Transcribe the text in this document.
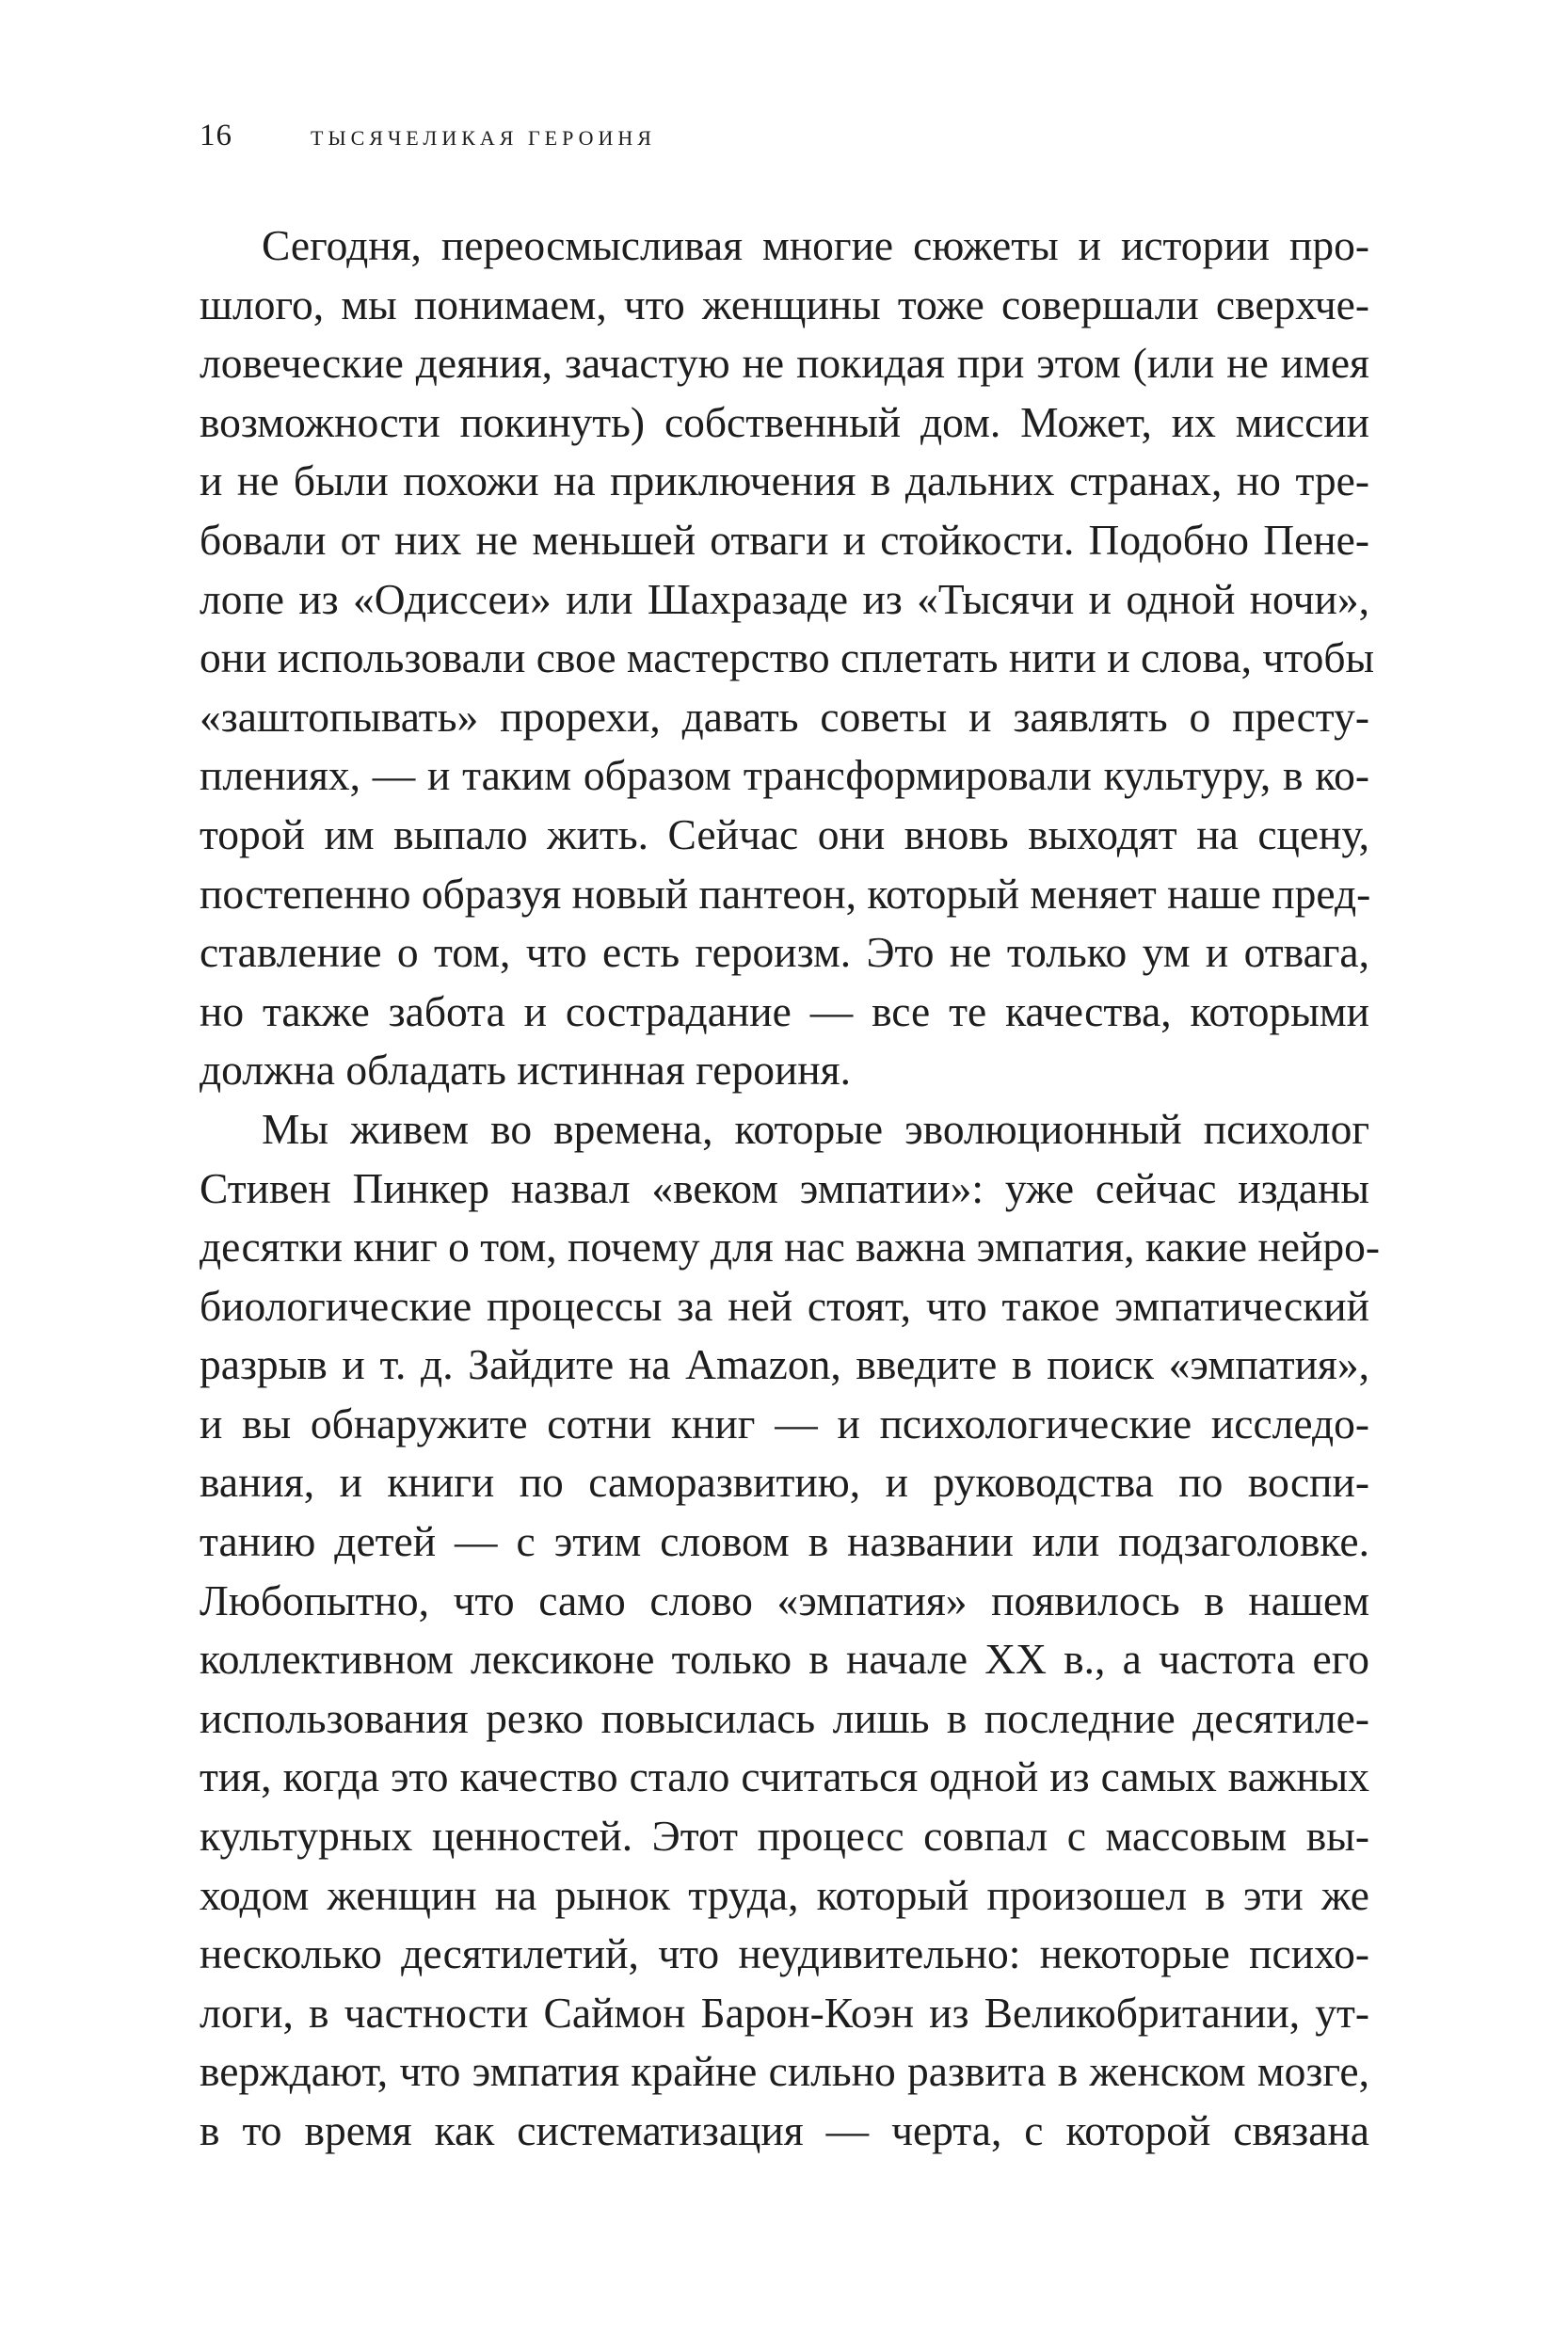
16	ТЫСЯЧЕЛИКАЯ ГЕРОИНЯ
Сегодня, переосмысливая многие сюжеты и истории про-
шлого, мы понимаем, что женщины тоже совершали сверхче-
ловеческие деяния, зачастую не покидая при этом (или не имея
возможности покинуть) собственный дом. Может, их миссии
и не были похожи на приключения в дальних странах, но тре-
бовали от них не меньшей отваги и стойкости. Подобно Пене-
лопе из «Одиссеи» или Шахразаде из «Тысячи и одной ночи»,
они использовали свое мастерство сплетать нити и слова, чтобы
«заштопывать» прорехи, давать советы и заявлять о престу-
плениях, — и таким образом трансформировали культуру, в ко-
торой им выпало жить. Сейчас они вновь выходят на сцену,
постепенно образуя новый пантеон, который меняет наше пред-
ставление о том, что есть героизм. Это не только ум и отвага,
но также забота и сострадание — все те качества, которыми
должна обладать истинная героиня.
Мы живем во времена, которые эволюционный психолог
Стивен Пинкер назвал «веком эмпатии»: уже сейчас изданы
десятки книг о том, почему для нас важна эмпатия, какие нейро-
биологические процессы за ней стоят, что такое эмпатический
разрыв и т. д. Зайдите на Amazon, введите в поиск «эмпатия»,
и вы обнаружите сотни книг — и психологические исследо-
вания, и книги по саморазвитию, и руководства по воспи-
танию детей — с этим словом в названии или подзаголовке.
Любопытно, что само слово «эмпатия» появилось в нашем
коллективном лексиконе только в начале XX в., а частота его
использования резко повысилась лишь в последние десятиле-
тия, когда это качество стало считаться одной из самых важных
культурных ценностей. Этот процесс совпал с массовым вы-
ходом женщин на рынок труда, который произошел в эти же
несколько десятилетий, что неудивительно: некоторые психо-
логи, в частности Саймон Барон-Коэн из Великобритании, ут-
верждают, что эмпатия крайне сильно развита в женском мозге,
в то время как систематизация — черта, с которой связана
